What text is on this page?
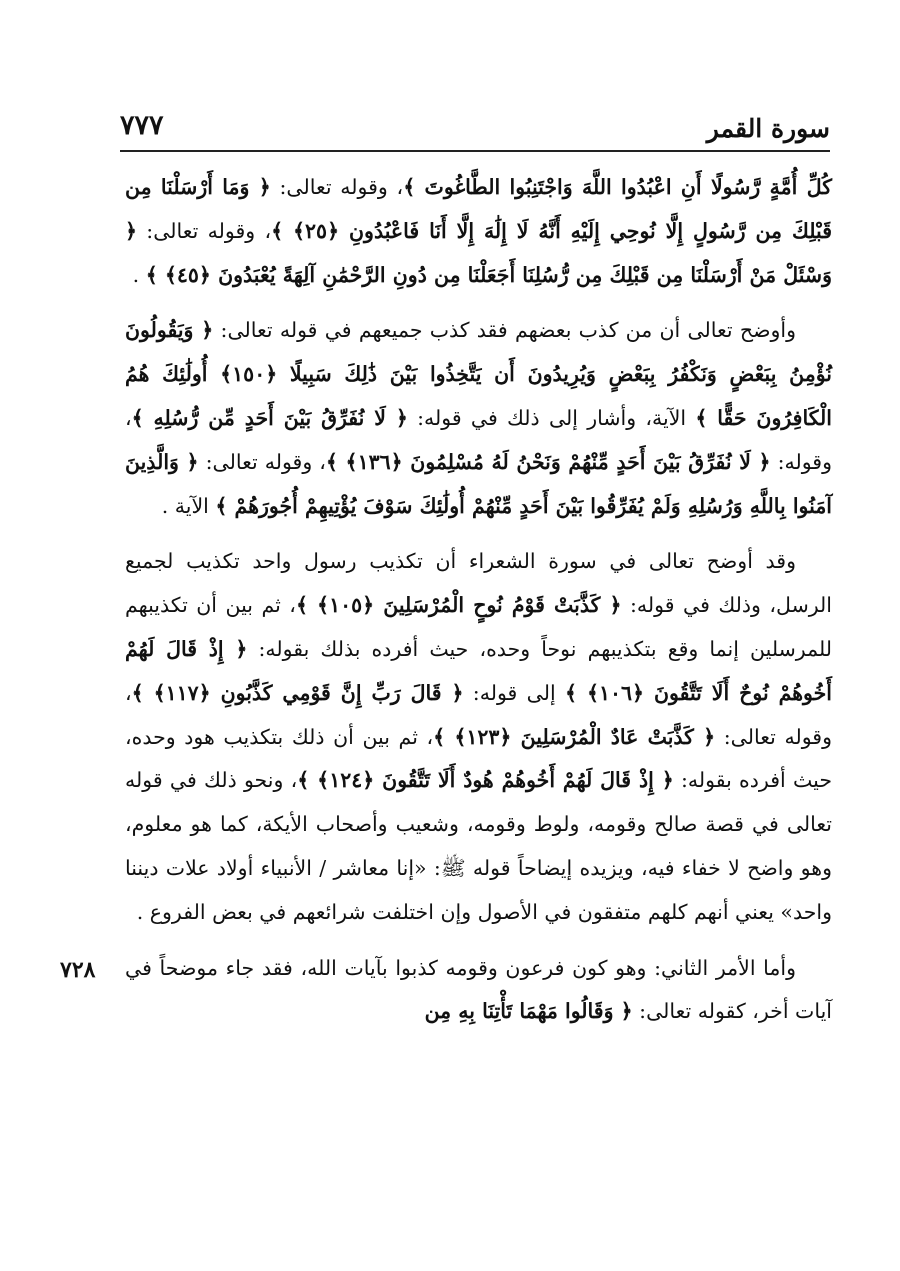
سورة القمر
٧٧٧

كُلِّ أُمَّةٍ رَّسُولًا أَنِ اعْبُدُوا اللَّهَ وَاجْتَنِبُوا الطَّاغُوتَ ﴾، وقوله تعالى: ﴿ وَمَا أَرْسَلْنَا مِن قَبْلِكَ مِن رَّسُولٍ إِلَّا نُوحِي إِلَيْهِ أَنَّهُ لَا إِلَٰهَ إِلَّا أَنَا فَاعْبُدُونِ ﴿٢٥﴾ ﴾، وقوله تعالى: ﴿ وَسْئَلْ مَنْ أَرْسَلْنَا مِن قَبْلِكَ مِن رُّسُلِنَا أَجَعَلْنَا مِن دُونِ الرَّحْمَٰنِ آلِهَةً يُعْبَدُونَ ﴿٤٥﴾ ﴾ .

وأوضح تعالى أن من كذب بعضهم فقد كذب جميعهم في قوله تعالى: ﴿ وَيَقُولُونَ نُؤْمِنُ بِبَعْضٍ وَنَكْفُرُ بِبَعْضٍ وَيُرِيدُونَ أَن يَتَّخِذُوا بَيْنَ ذَٰلِكَ سَبِيلًا ﴿١٥٠﴾ أُولَٰئِكَ هُمُ الْكَافِرُونَ حَقًّا ﴾ الآية، وأشار إلى ذلك في قوله: ﴿ لَا نُفَرِّقُ بَيْنَ أَحَدٍ مِّن رُّسُلِهِ ﴾، وقوله: ﴿ لَا نُفَرِّقُ بَيْنَ أَحَدٍ مِّنْهُمْ وَنَحْنُ لَهُ مُسْلِمُونَ ﴿١٣٦﴾ ﴾، وقوله تعالى: ﴿ وَالَّذِينَ آمَنُوا بِاللَّهِ وَرُسُلِهِ وَلَمْ يُفَرِّقُوا بَيْنَ أَحَدٍ مِّنْهُمْ أُولَٰئِكَ سَوْفَ يُؤْتِيهِمْ أُجُورَهُمْ ﴾ الآية .

وقد أوضح تعالى في سورة الشعراء أن تكذيب رسول واحد تكذيب لجميع الرسل، وذلك في قوله: ﴿ كَذَّبَتْ قَوْمُ نُوحٍ الْمُرْسَلِينَ ﴿١٠٥﴾ ﴾، ثم بين أن تكذيبهم للمرسلين إنما وقع بتكذيبهم نوحاً وحده، حيث أفرده بذلك بقوله: ﴿ إِذْ قَالَ لَهُمْ أَخُوهُمْ نُوحٌ أَلَا تَتَّقُونَ ﴿١٠٦﴾ ﴾ إلى قوله: ﴿ قَالَ رَبِّ إِنَّ قَوْمِي كَذَّبُونِ ﴿١١٧﴾ ﴾، وقوله تعالى: ﴿ كَذَّبَتْ عَادٌ الْمُرْسَلِينَ ﴿١٢٣﴾ ﴾، ثم بين أن ذلك بتكذيب هود وحده، حيث أفرده بقوله: ﴿ إِذْ قَالَ لَهُمْ أَخُوهُمْ هُودٌ أَلَا تَتَّقُونَ ﴿١٢٤﴾ ﴾، ونحو ذلك في قوله تعالى في قصة صالح وقومه، ولوط وقومه، وشعيب وأصحاب الأيكة، كما هو معلوم، وهو واضح لا خفاء فيه، ويزيده إيضاحاً قوله ﷺ: «إنا معاشر / الأنبياء أولاد علات ديننا واحد» يعني أنهم كلهم متفقون في الأصول وإن اختلفت شرائعهم في بعض الفروع .

وأما الأمر الثاني: وهو كون فرعون وقومه كذبوا بآيات الله، فقد جاء موضحاً في آيات أخر، كقوله تعالى: ﴿ وَقَالُوا مَهْمَا تَأْتِنَا بِهِ مِن

٧٢٨
